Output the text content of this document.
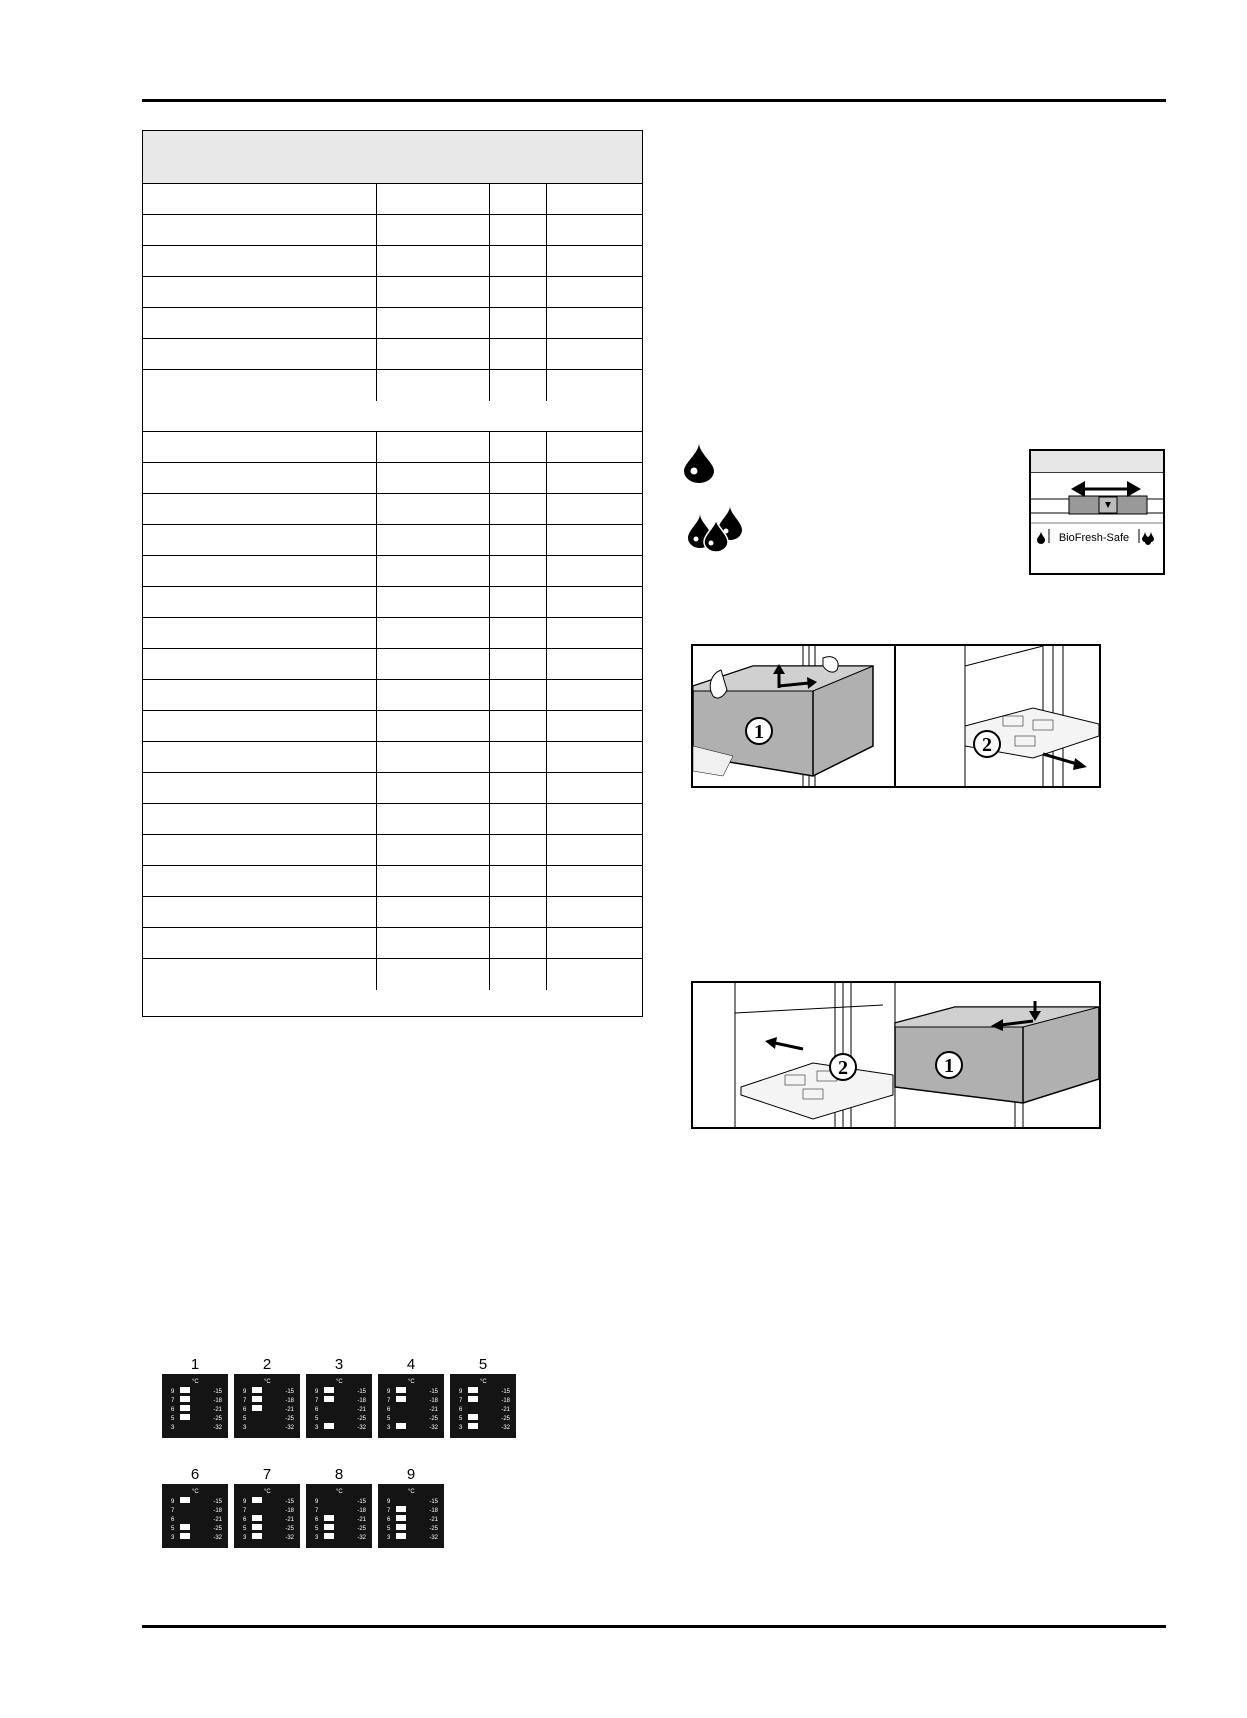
BioFresh-Safe
1
2
2	1
1
°C
9	-15
7	-18
6	-21
5	-25
3	-32
2
°C
9	-15
7	-18
6	-21
5	-25
3	-32
3
°C
9	-15
7	-18
6	-21
5	-25
3	-32
4
°C
9	-15
7	-18
6	-21
5	-25
3	-32
5
°C
9	-15
7	-18
6	-21
5	-25
3	-32
6
°C
9	-15
7	-18
6	-21
5	-25
3	-32
7
°C
9	-15
7	-18
6	-21
5	-25
3	-32
8
°C
9	-15
7	-18
6	-21
5	-25
3	-32
9
°C
9	-15
7	-18
6	-21
5	-25
3	-32
